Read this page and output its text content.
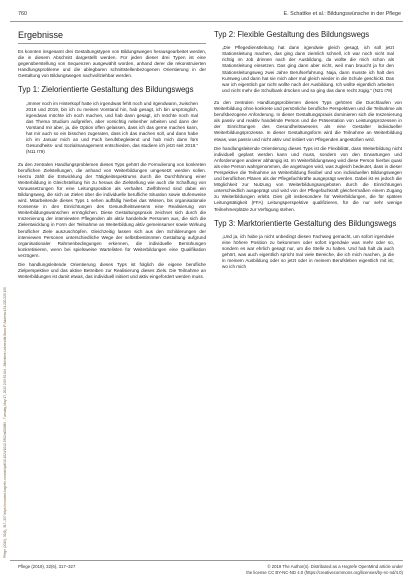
760	E. Schattke et al.: Bildungswünsche in der Pflege
Pflege (2019), 32(6), 317–327 https://econtent.hogrefe.com/doi/pdf/10.1024/1012-5302/a000689 - Tuesday, May 17, 2022 2:05:52 AM - Bibliothek Universität Bonn IP Address:131.220.225.150
Ergebnisse

Es konnten insgesamt drei Gestaltungstypen von Bildungswegen herausgearbeitet werden, die in diesem Abschnitt dargestellt werden. Für jeden dieser drei Typen ist eine gegenüberstellung von Sequenzen ausgewählt worden, anhand derer die rekonstruierten Handlungsprobleme und die ablegbaren schnittstellenbezogenen Orientierung in der Gestaltung von Bildungswegen nachvollziehbar werden.

Typ 1: Zielorientierte Gestaltung des Bildungswegs

„Immer noch im Hinterkopf hatte ich irgendwas fehlt noch und irgendwann, zwischen 2018 und 2019, bin ich zu meinen Vorstand hin, hab gesagt, ich bin ursprünglich, irgendwas möchte ich noch machen, und hab dann gesagt, ich möchte noch mal das Thema Studium aufgreifen, aber vorsichtig nebenher arbeiten und dann der Vorstand mir aber, ja, die Option offen gelassen, dass ich das gerne machen kann, hat mir auch so ein bisschen zugeraten, dass ich das machen soll, und dann habe ich im Januar mich an und Fach berufsbegleitend und hab mich dann fürs Gesundheits- und Sozialmanagement entschieden, das studiere ich jetzt seit 2019.“ (N11 I79)

Zu den zentralen Handlungsproblemen dieses Typs gehört die Formulierung von konkreten beruflichen Zielstellungen, die anhand von Weiterbildungen umgesetzt werden sollen. Hierzu zählt die Entwicklung der Tätigkeitsspektrums durch die Durchführung einer Weiterbildung in Gleichstellung hin zu heraus die Zielstellung wie auch die Schaffung von Voraussetzungen für eine Leitungsposition als verhaltet. Zielführend sind dabei ein Bildungsweg, die sich an Zielen über die individuelle berufliche Situation sowie stufenweise wird. Mitarbeitende dieses Typs 1 sehen auffällig hierbei das Wissen, bis organisationale Konsense in den Einrichtungen des Gesundheitswesens eine Realisierung von Weiterbildungswünschen ermöglichen. Diese Gestaltungspraxis zeichnet sich durch die Inszenierung der interviewten Pflegenden als aktiv handelnde Personen aus, die sich die Zielentwicklung in Form der Teilnahme an Weiterbildung aktiv gemeinsamer sowie Wirkung beruflicher Ziele auszuschöpfen. Gleichzeitig lassen sich aus den Schilderungen der interviewen Personen unterschiedliche Wege der selbstbestimmten Gestaltung aufgrund organisationaler Rahmenbedingungen erkennen, die individuelle Bemühungen konkretisieren, wenn bei spielsweise Wartelisten für Weiterbildungen eine Qualifikation verzögern.

Die handlungsleitende Orientierung dieses Typs ist folglich die eigene berufliche Zielperspektive und das aktive Betreiben zur Realisierung dieses Ziels. Die Teilnahme an Weiterbildungen ist damit etwas, das individuell initiiert und aktiv eingefordert werden muss.

Typ 2: Flexible Gestaltung des Bildungswegs

„Die Pflegedienstleitung hat dann irgendwie gleich gesagt, ich soll jetzt Stationsleitung machen, das ging dann ziemlich schnell, ich war noch nicht mal richtig im Job drinnen nach der Ausbildung, da wollte die mich schon als Stationsleitung einsetzen. Das ging dann aber nicht, weil man braucht ja für den Stationsleitungsweg zwei Jahre Berufserfahrung. Naja, dann musste ich halt den Kursweg und dann hat sie mich aber mal gleich wieder in die Schule geschickt. Das war ich eigentlich gar nicht wollte nach der Ausbildung. Ich wollte eigentlich arbeiten und nicht mehr die Schulbank drücken und so ging das dann recht zügig.“ (N21 I78)

Zu den zentralen Handlungsproblemen dieses Typs gehören die Durchlaufen von Weiterbildung ohne konkrete und persönliche berufliche Perspektiven und die Teilnahme als berufsbezogene Anforderung. In dieser Gestaltungspraxis dominieren sich die Inszenierung als passiv und reaktiv handelnde Person und die Präsentation von Leistungsprozessen in der Einrichtungen des Gesundheitswesens als eine Gestalter individueller Weiterbildungsprozesse. In dieser Gestaltungsform wird die Teilnahme an Weiterbildung etwas, was passiv und nicht aktiv und initiiert von Pflegenden angestoßen wird.

Die handlungsleitende Orientierung dieses Typs ist die Flexibilität, dass Weiterbildung nicht individuell geplant werden kann und muss, sondern von den Erwartungen und Anforderungen anderer abhängig ist. Im Weiterbildungsweg wird diese Person hierbei quasi als eine Person wahrgenommen, die angetragen wird, was zugleich bedeutet, dass in dieser Perspektive die Teilnahme an Weiterbildung flexibel und von individuellen Bildungswegen und beruflichen Plänen als der Pflegefachkräfte ausgeprägt werden. Dabei ist es jedoch die Möglichkeit zur Nutzung von Weiterbildungsangeboten durch die Einrichtungen unterschiedlich ausgeprägt und wird von der Pflegefachkraft gleichermaßen einem Zugang zu Weiterbildungen erlebt. Dies gilt insbesondere für Weiterbildungen, die für spätere Leitungstätigkeit (FFA) Leitungsperspektive qualifizieren, für die nur sehr wenige Teilnehmerplätze zur Verfügung stehen.

Typ 3: Marktorientierte Gestaltung des Bildungswegs

„Und ja, ich habe ja nicht unbedingt diesen Fachweg gemacht, um sofort irgendwie eine höhere Position zu bekommen oder sofort irgendwie was mehr oder so, sondern es war ehrlich gesagt nur, um die Stelle zu halten. Und hab halt da auch gehört, was auch eigentlich spricht mal viele Bereiche, die ich mich machen, ja die in meinem Ausbildung oder so jetzt oder in meinem Berufsleben eigentlich mit ist, wo ich mich

Pflege (2019), 32(6), 317–327	© 2019 The Author(s). Distributed as a Hogrefe OpenMind article under
the license CC BY-NC-ND 4.0 (https://creativecommons.org/licenses/by-nc-nd/4.0)
